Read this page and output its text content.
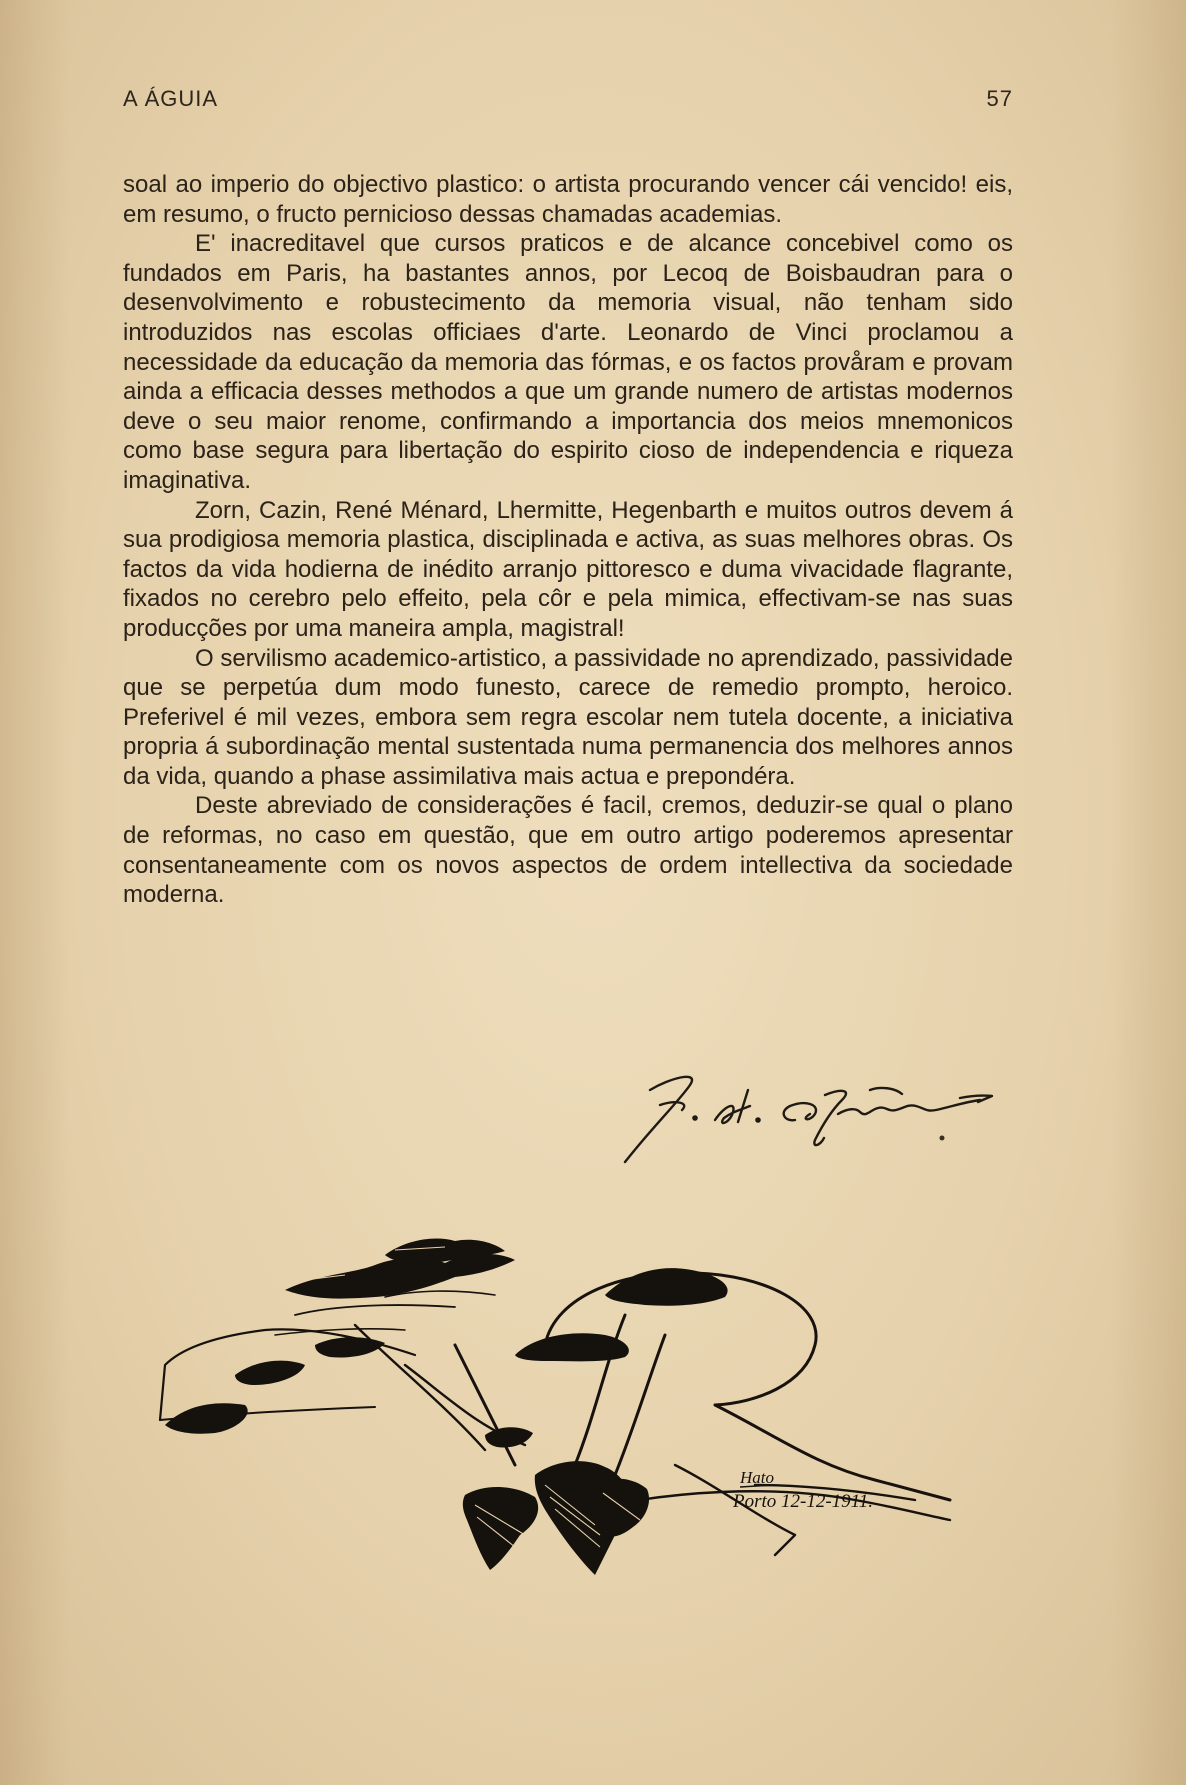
A ÁGUIA	57

soal ao imperio do objectivo plastico: o artista procurando vencer cái vencido! eis, em resumo, o fructo pernicioso dessas chamadas academias.

E' inacreditavel que cursos praticos e de alcance concebivel como os fundados em Paris, ha bastantes annos, por Lecoq de Boisbaudran para o desenvolvimento e robustecimento da memoria visual, não tenham sido introduzidos nas escolas officiaes d'arte. Leonardo de Vinci proclamou a necessidade da educação da memoria das fórmas, e os factos provåram e provam ainda a efficacia desses methodos a que um grande numero de artistas modernos deve o seu maior renome, confirmando a importancia dos meios mnemonicos como base segura para libertação do espirito cioso de independencia e riqueza imaginativa.

Zorn, Cazin, René Ménard, Lhermitte, Hegenbarth e muitos outros devem á sua prodigiosa memoria plastica, disciplinada e activa, as suas melhores obras. Os factos da vida hodierna de inédito arranjo pittoresco e duma vivacidade flagrante, fixados no cerebro pelo effeito, pela côr e pela mimica, effectivam-se nas suas producções por uma maneira ampla, magistral!

O servilismo academico-artistico, a passividade no aprendizado, passividade que se perpetúa dum modo funesto, carece de remedio prompto, heroico. Preferivel é mil vezes, embora sem regra escolar nem tutela docente, a iniciativa propria á subordinação mental sustentada numa permanencia dos melhores annos da vida, quando a phase assimilativa mais actua e prepondéra.

Deste abreviado de considerações é facil, cremos, deduzir-se qual o plano de reformas, no caso em questão, que em outro artigo poderemos apresentar consentaneamente com os novos aspectos de ordem intellectiva da sociedade moderna.

Hato
Porto 12-12-1911.
